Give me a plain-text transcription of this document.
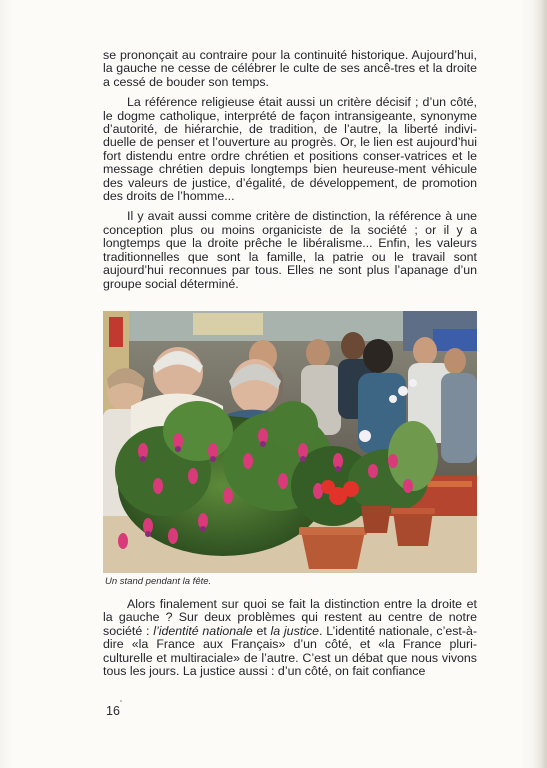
se prononçait au contraire pour la continuité historique. Aujourd’hui, la gauche ne cesse de célébrer le culte de ses ancê-tres et la droite a cessé de bouder son temps.

La référence religieuse était aussi un critère décisif ; d’un côté, le dogme catholique, interprété de façon intransigeante, synonyme d’autorité, de hiérarchie, de tradition, de l’autre, la liberté indivi-duelle de penser et l’ouverture au progrès. Or, le lien est aujourd’hui fort distendu entre ordre chrétien et positions conser-vatrices et le message chrétien depuis longtemps bien heureuse-ment véhicule des valeurs de justice, d’égalité, de développement, de promotion des droits de l’homme...

Il y avait aussi comme critère de distinction, la référence à une conception plus ou moins organiciste de la société ; or il y a longtemps que la droite prêche le libéralisme... Enfin, les valeurs traditionnelles que sont la famille, la patrie ou le travail sont aujourd’hui reconnues par tous. Elles ne sont plus l’apanage d’un groupe social déterminé.

Un stand pendant la fête.

Alors finalement sur quoi se fait la distinction entre la droite et la gauche ? Sur deux problèmes qui restent au centre de notre société : l’identité nationale et la justice. L’identité nationale, c’est-à-dire «la France aux Français» d’un côté, et «la France pluri-culturelle et multiraciale» de l’autre. C’est un débat que nous vivons tous les jours. La justice aussi : d’un côté, on fait confiance

16
